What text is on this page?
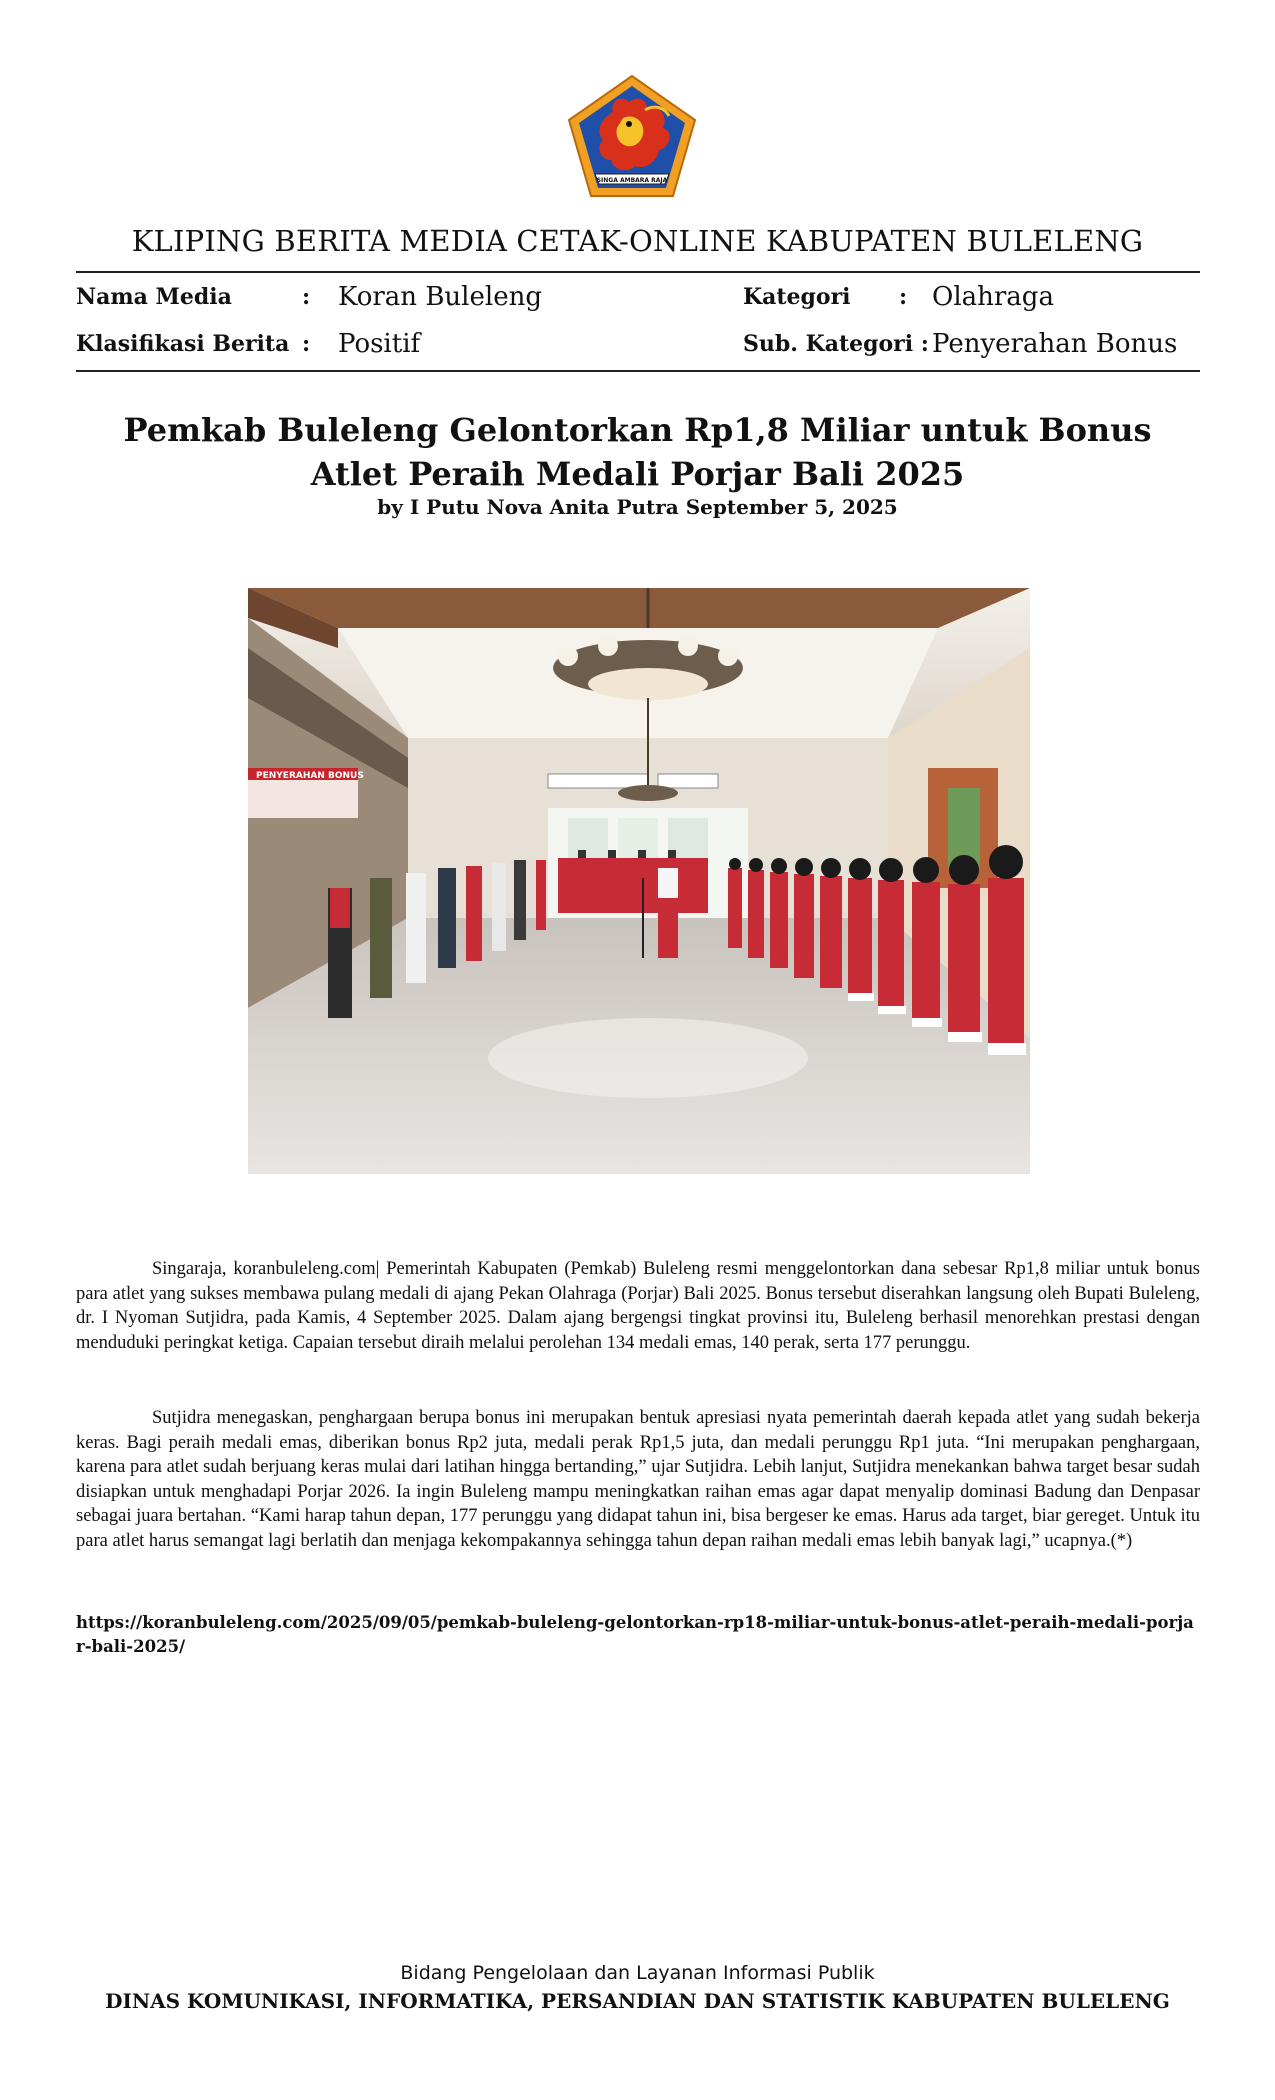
SINGA AMBARA RAJA
KLIPING BERITA MEDIA CETAK-ONLINE KABUPATEN BULELENG
Nama Media	: Koran Buleleng
Klasifikasi Berita : Positif
Kategori : Olahraga
Sub. Kategori : Penyerahan Bonus
Pemkab Buleleng Gelontorkan Rp1,8 Miliar untuk Bonus Atlet Peraih Medali Porjar Bali 2025
by I Putu Nova Anita Putra September 5, 2025
PENYERAHAN BONUS

Singaraja, koranbuleleng.com| Pemerintah Kabupaten (Pemkab) Buleleng resmi menggelontorkan dana sebesar Rp1,8 miliar untuk bonus para atlet yang sukses membawa pulang medali di ajang Pekan Olahraga (Porjar) Bali 2025. Bonus tersebut diserahkan langsung oleh Bupati Buleleng, dr. I Nyoman Sutjidra, pada Kamis, 4 September 2025. Dalam ajang bergengsi tingkat provinsi itu, Buleleng berhasil menorehkan prestasi dengan menduduki peringkat ketiga. Capaian tersebut diraih melalui perolehan 134 medali emas, 140 perak, serta 177 perunggu.

Sutjidra menegaskan, penghargaan berupa bonus ini merupakan bentuk apresiasi nyata pemerintah daerah kepada atlet yang sudah bekerja keras. Bagi peraih medali emas, diberikan bonus Rp2 juta, medali perak Rp1,5 juta, dan medali perunggu Rp1 juta. “Ini merupakan penghargaan, karena para atlet sudah berjuang keras mulai dari latihan hingga bertanding,” ujar Sutjidra. Lebih lanjut, Sutjidra menekankan bahwa target besar sudah disiapkan untuk menghadapi Porjar 2026. Ia ingin Buleleng mampu meningkatkan raihan emas agar dapat menyalip dominasi Badung dan Denpasar sebagai juara bertahan. “Kami harap tahun depan, 177 perunggu yang didapat tahun ini, bisa bergeser ke emas. Harus ada target, biar gereget. Untuk itu para atlet harus semangat lagi berlatih dan menjaga kekompakannya sehingga tahun depan raihan medali emas lebih banyak lagi,” ucapnya.(*)

https://koranbuleleng.com/2025/09/05/pemkab-buleleng-gelontorkan-rp18-miliar-untuk-bonus-atlet-peraih-medali-porjar-bali-2025/
Bidang Pengelolaan dan Layanan Informasi Publik
DINAS KOMUNIKASI, INFORMATIKA, PERSANDIAN DAN STATISTIK KABUPATEN BULELENG
